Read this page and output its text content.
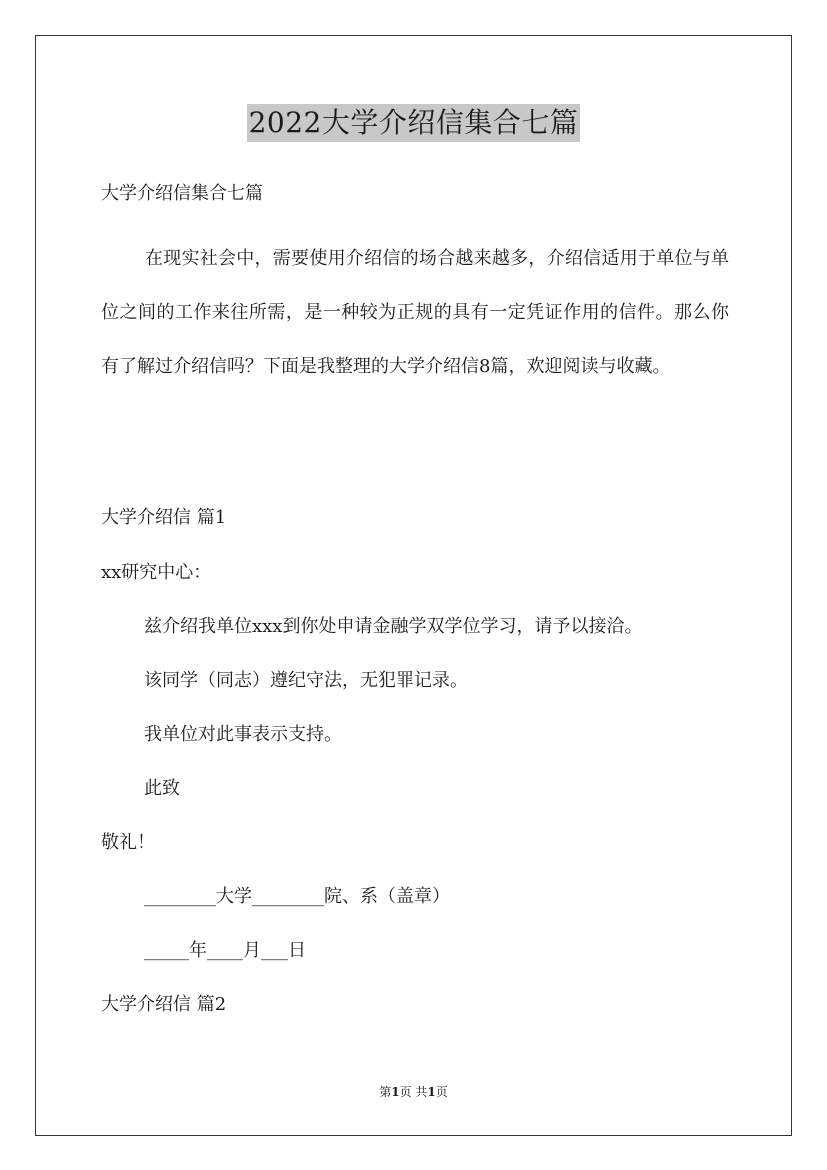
2022大学介绍信集合七篇
大学介绍信集合七篇

在现实社会中，需要使用介绍信的场合越来越多，介绍信适用于单位与单位之间的工作来往所需，是一种较为正规的具有一定凭证作用的信件。那么你有了解过介绍信吗？下面是我整理的大学介绍信8篇，欢迎阅读与收藏。

大学介绍信 篇1
xx研究中心：
兹介绍我单位xxx到你处申请金融学双学位学习，请予以接洽。
该同学（同志）遵纪守法，无犯罪记录。
我单位对此事表示支持。
此致
敬礼！
________大学________院、系（盖章）
_____年____月___日
大学介绍信 篇2
第1页 共1页
